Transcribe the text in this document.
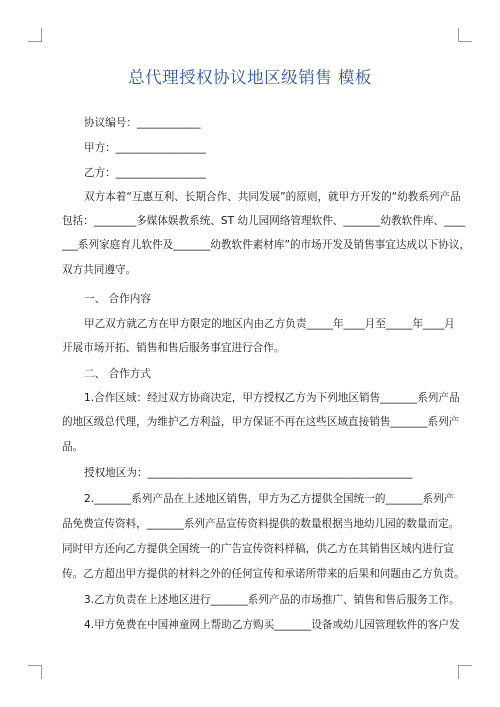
总代理授权协议地区级销售 模板
协议编号：____________
甲方：_________________
乙方：_________________
双方本着“互惠互利、长期合作、共同发展”的原则，就甲方开发的“幼教系列产品
包括：________多媒体娱教系统、ST 幼儿园网络管理软件、_______幼教软件库、____
___系列家庭育儿软件及_______幼教软件素材库”的市场开发及销售事宜达成以下协议，
双方共同遵守。
一、 合作内容
甲乙双方就乙方在甲方限定的地区内由乙方负责_____年____月至_____年____月
开展市场开拓、销售和售后服务事宜进行合作。
二、 合作方式
1.合作区域：经过双方协商决定，甲方授权乙方为下列地区销售_______系列产品
的地区级总代理，为维护乙方利益，甲方保证不再在这些区域直接销售_______系列产
品。
授权地区为：__________________________________________________
2._______系列产品在上述地区销售，甲方为乙方提供全国统一的_______系列产
品免费宣传资料，_______系列产品宣传资料提供的数量根据当地幼儿园的数量而定。
同时甲方还向乙方提供全国统一的广告宣传资料样稿，供乙方在其销售区域内进行宣
传。乙方超出甲方提供的材料之外的任何宣传和承诺所带来的后果和问题由乙方负责。
3.乙方负责在上述地区进行_______系列产品的市场推广、销售和售后服务工作。
4.甲方免费在中国神童网上帮助乙方购买_______设备或幼儿园管理软件的客户发
